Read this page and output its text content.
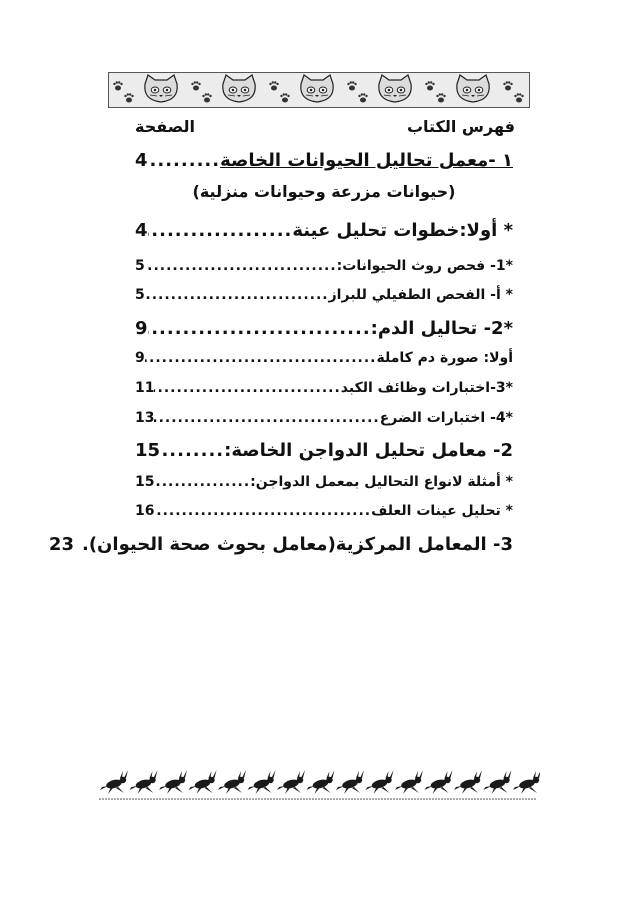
فهرس الكتاب
الصفحة
١ -معمل تحاليل الحيوانات الخاصة
.....
4
(حيوانات مزرعة وحيوانات منزلية)
* أولا:خطوات تحليل عينة
.....
4
*1- فحص روث الحيوانات:
.....
5
* أ- الفحص الطفيلي للبراز
.....
5
*2- تحاليل الدم:
.....
9
أولا: صورة دم كاملة
.....
9
*3-اختبارات وظائف الكبد
.....
11
*4- اختبارات الضرع
.....
13
2- معامل تحليل الدواجن الخاصة:
.....
15
* أمثلة لانواع التحاليل بمعمل الدواجن:
.....
15
* تحليل عينات العلف
.....
16
3- المعامل المركزية(معامل بحوث صحة الحيوان).
23
